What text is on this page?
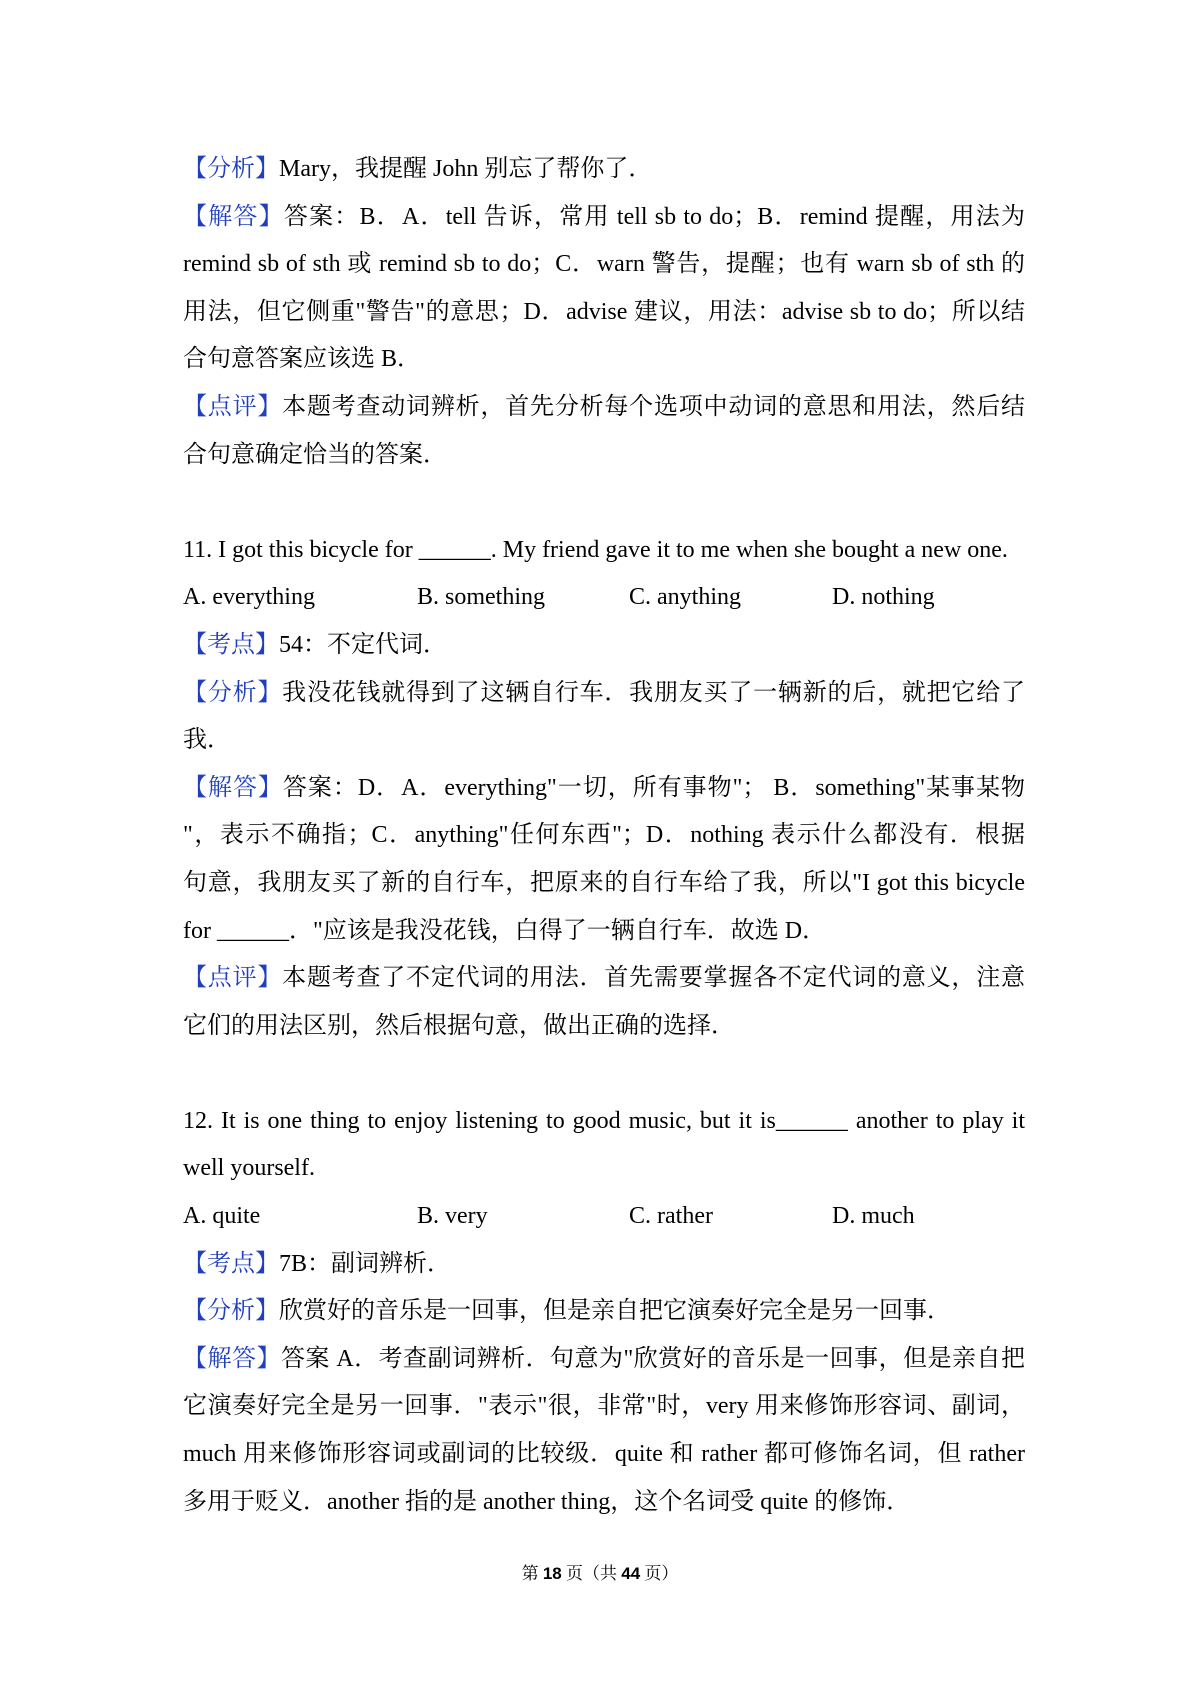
【分析】Mary，我提醒 John 别忘了帮你了．
【解答】答案：B．A．tell 告诉，常用 tell sb to do；B．remind 提醒，用法为
remind sb of sth 或 remind sb to do；C．warn 警告，提醒；也有 warn sb of sth 的
用法，但它侧重"警告"的意思；D．advise 建议，用法：advise sb to do；所以结
合句意答案应该选 B．
【点评】本题考查动词辨析，首先分析每个选项中动词的意思和用法，然后结
合句意确定恰当的答案．
11. I got this bicycle for ______. My friend gave it to me when she bought a new one.
A. everything	B. something	C. anything	D. nothing
【考点】54：不定代词．
【分析】我没花钱就得到了这辆自行车．我朋友买了一辆新的后，就把它给了
我．
【解答】答案：D．A．everything"一切，所有事物"； B．something"某事某物
"，表示不确指；C．anything"任何东西"；D．nothing 表示什么都没有．根据
句意，我朋友买了新的自行车，把原来的自行车给了我，所以"I got this bicycle
for ______．"应该是我没花钱，白得了一辆自行车．故选 D．
【点评】本题考查了不定代词的用法．首先需要掌握各不定代词的意义，注意
它们的用法区别，然后根据句意，做出正确的选择．
12. It is one thing to enjoy listening to good music, but it is______ another to play it
well yourself.
A. quite	B. very	C. rather	D. much
【考点】7B：副词辨析．
【分析】欣赏好的音乐是一回事，但是亲自把它演奏好完全是另一回事．
【解答】答案 A．考查副词辨析．句意为"欣赏好的音乐是一回事，但是亲自把
它演奏好完全是另一回事．"表示"很，非常"时，very 用来修饰形容词、副词，
much 用来修饰形容词或副词的比较级．quite 和 rather 都可修饰名词，但 rather
多用于贬义．another 指的是 another thing，这个名词受 quite 的修饰．
第 18 页（共 44 页）
